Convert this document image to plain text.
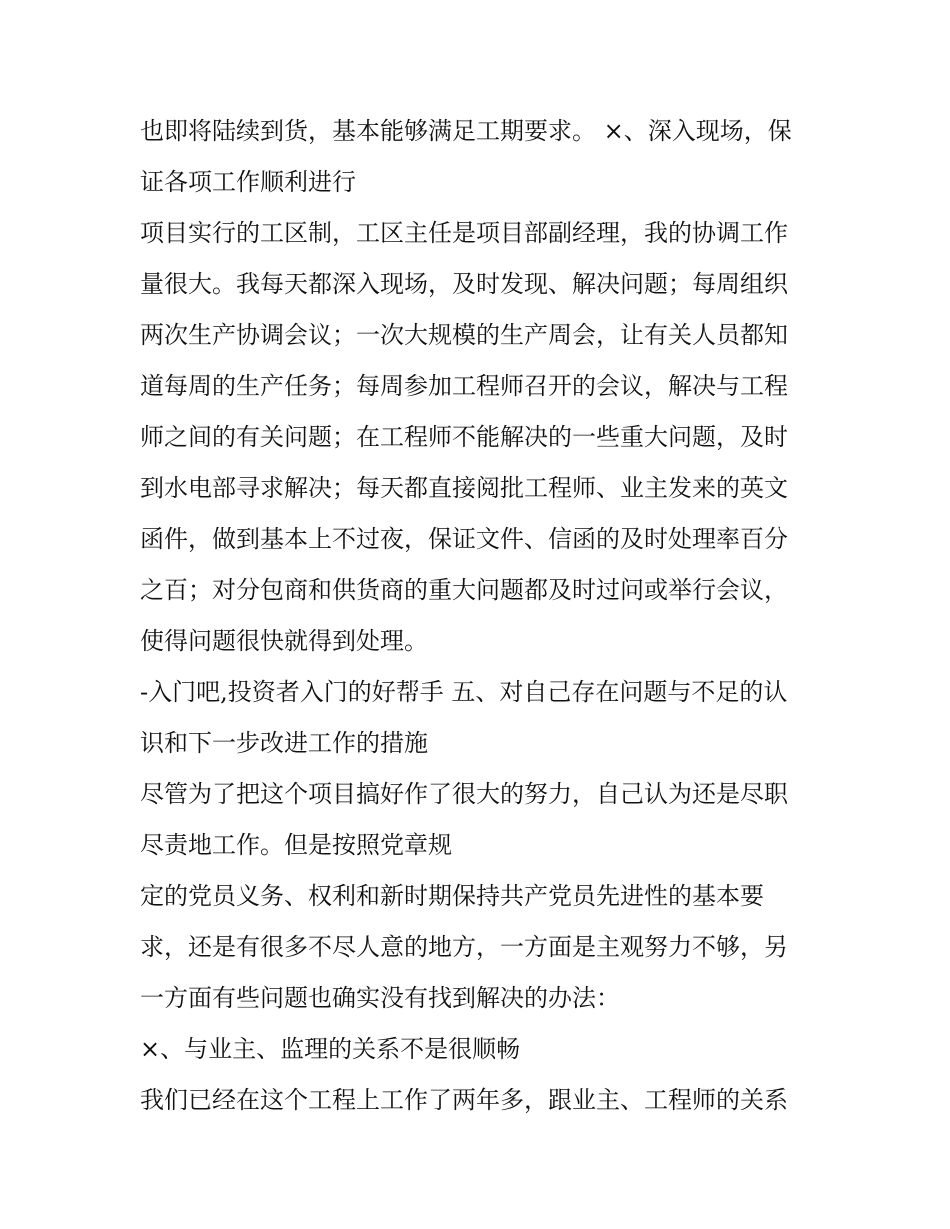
也即将陆续到货，基本能够满足工期要求。 ×、深入现场，保
证各项工作顺利进行
项目实行的工区制，工区主任是项目部副经理，我的协调工作
量很大。我每天都深入现场，及时发现、解决问题；每周组织
两次生产协调会议；一次大规模的生产周会，让有关人员都知
道每周的生产任务；每周参加工程师召开的会议，解决与工程
师之间的有关问题；在工程师不能解决的一些重大问题，及时
到水电部寻求解决；每天都直接阅批工程师、业主发来的英文
函件，做到基本上不过夜，保证文件、信函的及时处理率百分
之百；对分包商和供货商的重大问题都及时过问或举行会议，
使得问题很快就得到处理。
-入门吧,投资者入门的好帮手 五、对自己存在问题与不足的认
识和下一步改进工作的措施
尽管为了把这个项目搞好作了很大的努力，自己认为还是尽职
尽责地工作。但是按照党章规
定的党员义务、权利和新时期保持共产党员先进性的基本要
求，还是有很多不尽人意的地方，一方面是主观努力不够，另
一方面有些问题也确实没有找到解决的办法：
×、与业主、监理的关系不是很顺畅
我们已经在这个工程上工作了两年多，跟业主、工程师的关系
